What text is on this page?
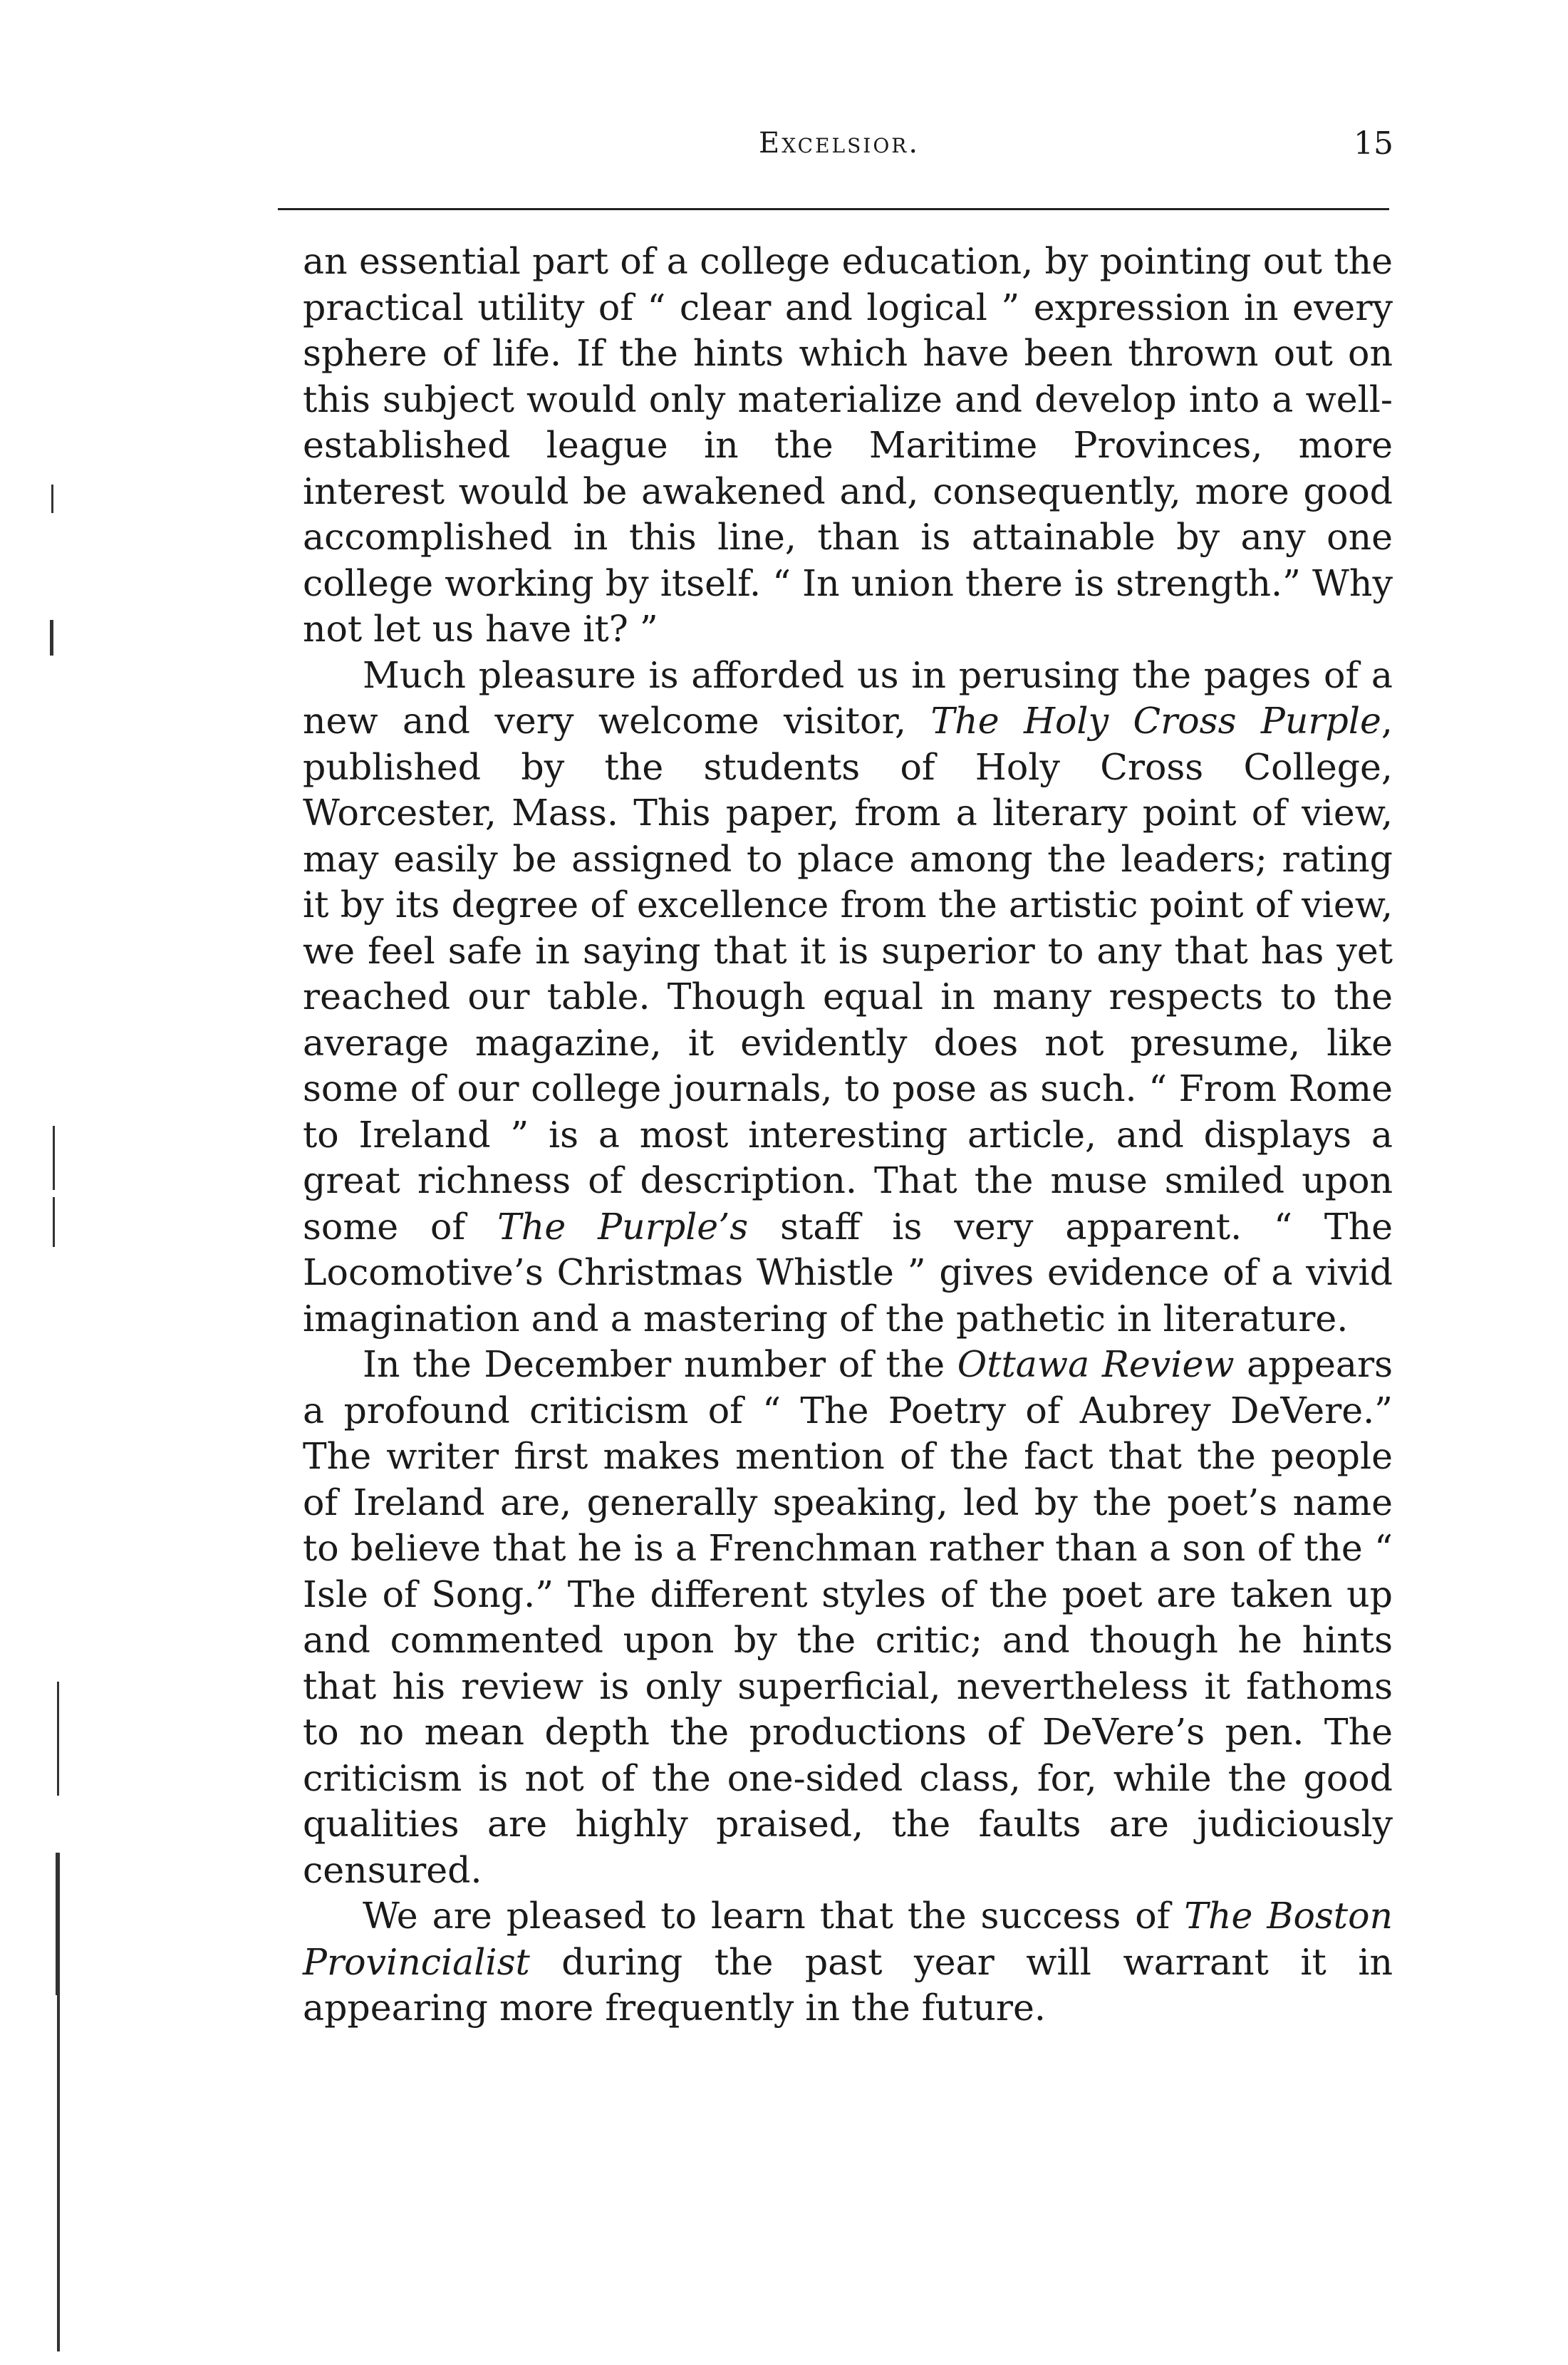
Excelsior.	15

an essential part of a college education, by pointing out the practical utility of “ clear and logical ” expression in every sphere of life. If the hints which have been thrown out on this subject would only materialize and develop into a well-established league in the Maritime Provinces, more interest would be awakened and, consequently, more good accomplished in this line, than is attainable by any one college working by itself. “ In union there is strength.” Why not let us have it? ”

Much pleasure is afforded us in perusing the pages of a new and very welcome visitor, The Holy Cross Purple, published by the students of Holy Cross College, Worcester, Mass. This paper, from a literary point of view, may easily be assigned to place among the leaders; rating it by its degree of excellence from the artistic point of view, we feel safe in saying that it is superior to any that has yet reached our table. Though equal in many respects to the average magazine, it evidently does not presume, like some of our college journals, to pose as such. “ From Rome to Ireland ” is a most interesting article, and displays a great richness of description. That the muse smiled upon some of The Purple’s staff is very apparent. “ The Locomotive’s Christmas Whistle ” gives evidence of a vivid imagination and a mastering of the pathetic in literature.

In the December number of the Ottawa Review appears a profound criticism of “ The Poetry of Aubrey DeVere.” The writer first makes mention of the fact that the people of Ireland are, generally speaking, led by the poet’s name to believe that he is a Frenchman rather than a son of the “ Isle of Song.” The different styles of the poet are taken up and commented upon by the critic; and though he hints that his review is only superficial, nevertheless it fathoms to no mean depth the productions of DeVere’s pen. The criticism is not of the one-sided class, for, while the good qualities are highly praised, the faults are judiciously censured.

We are pleased to learn that the success of The Boston Provincialist during the past year will warrant it in appearing more frequently in the future.
